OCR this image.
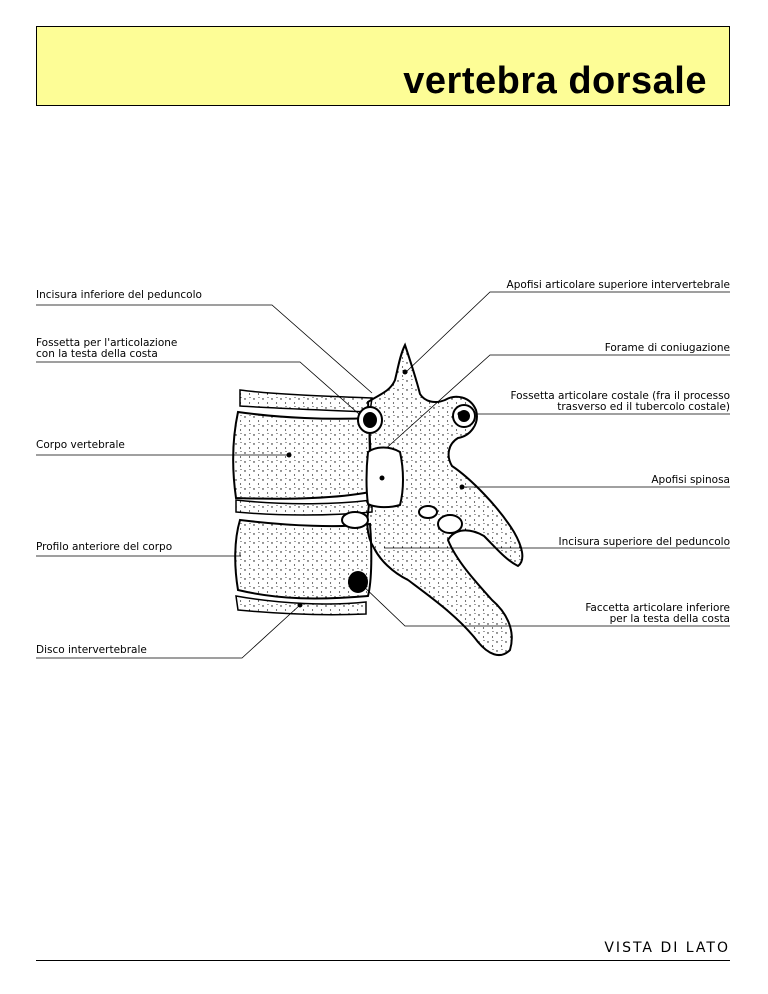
vertebra dorsale
Incisura inferiore del peduncolo
Fossetta per l'articolazione
con la testa della costa
Corpo vertebrale
Profilo anteriore del corpo
Disco intervertebrale
Apofisi articolare superiore intervertebrale
Forame di coniugazione
Fossetta articolare costale (fra il processo
trasverso ed il tubercolo costale)
Apofisi spinosa
Incisura superiore del peduncolo
Faccetta articolare inferiore
per la testa della costa
VISTA DI LATO
